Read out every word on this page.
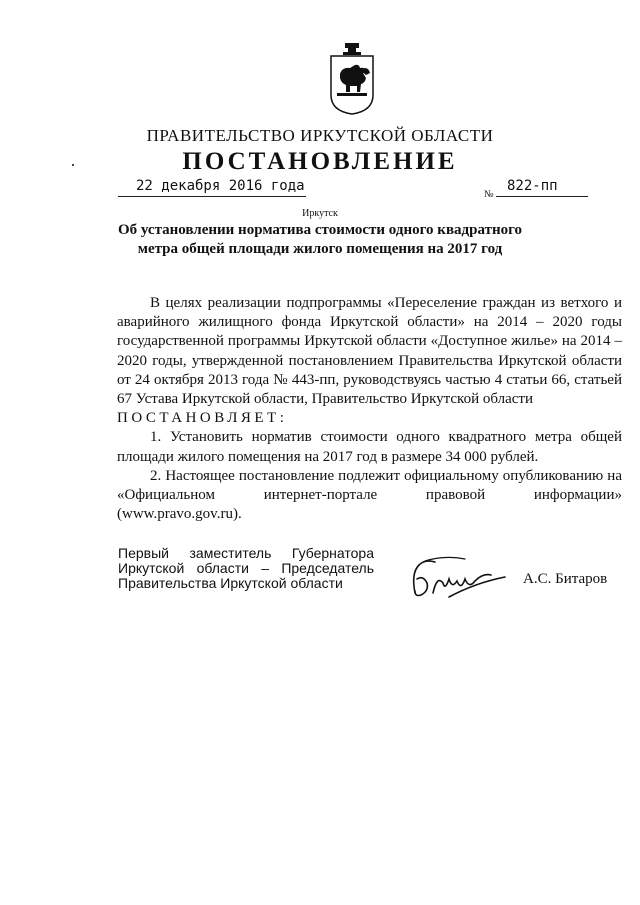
ПРАВИТЕЛЬСТВО ИРКУТСКОЙ ОБЛАСТИ
ПОСТАНОВЛЕНИЕ
22 декабря 2016 года
№
822-пп
Иркутск
Об установлении норматива стоимости одного квадратного метра общей площади жилого помещения на 2017 год

В целях реализации подпрограммы «Переселение граждан из ветхого и аварийного жилищного фонда Иркутской области» на 2014 – 2020 годы государственной программы Иркутской области «Доступное жилье» на 2014 – 2020 годы, утвержденной постановлением Правительства Иркутской области от 24 октября 2013 года № 443-пп, руководствуясь частью 4 статьи 66, статьей 67 Устава Иркутской области, Правительство Иркутской области

ПОСТАНОВЛЯЕТ:

1. Установить норматив стоимости одного квадратного метра общей площади жилого помещения на 2017 год в размере 34 000 рублей.

2. Настоящее постановление подлежит официальному опубликованию на «Официальном интернет-портале правовой информации»

(www.pravo.gov.ru).

Первый заместитель Губернатора
Иркутской области – Председатель
Правительства Иркутской области	А.С. Битаров
